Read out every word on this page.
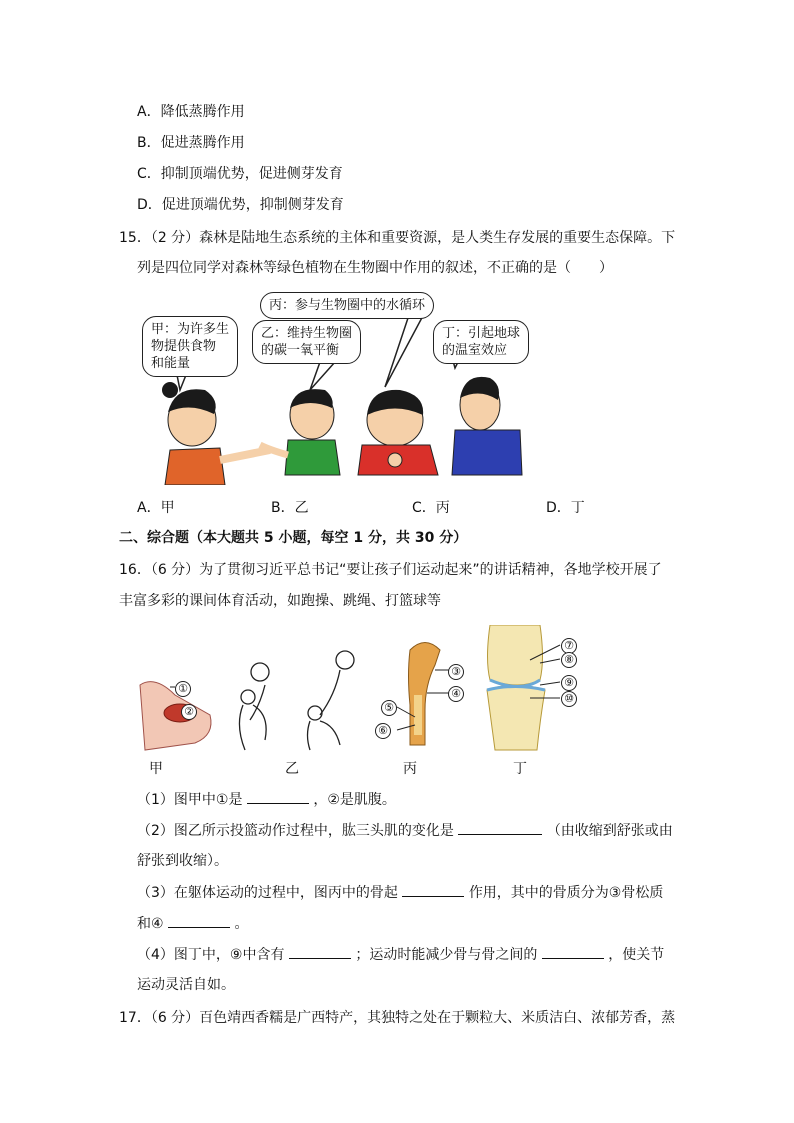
A．降低蒸腾作用
B．促进蒸腾作用
C．抑制顶端优势，促进侧芽发育
D．促进顶端优势，抑制侧芽发育
15．（2 分）森林是陆地生态系统的主体和重要资源，是人类生存发展的重要生态保障。下
列是四位同学对森林等绿色植物在生物圈中作用的叙述，不正确的是（　　）
甲：为许多生
物提供食物
和能量
乙：维持生物圈
的碳一氧平衡
丙：参与生物圈中的水循环
丁：引起地球
的温室效应
A．甲	B．乙	C．丙	D．丁
二、综合题（本大题共 5 小题，每空 1 分，共 30 分）
16．（6 分）为了贯彻习近平总书记“要让孩子们运动起来”的讲话精神，各地学校开展了
丰富多彩的课间体育活动，如跑操、跳绳、打篮球等
①
②
③
④
⑤
⑥
⑦
⑧
⑨
⑩
甲	乙	丙	丁
（1）图甲中①是	，②是肌腹。
（2）图乙所示投篮动作过程中，肱三头肌的变化是	（由收缩到舒张或由
舒张到收缩）。
（3）在躯体运动的过程中，图丙中的骨起	作用，其中的骨质分为③骨松质
和④	。
（4）图丁中，⑨中含有	；运动时能减少骨与骨之间的	，使关节
运动灵活自如。
17．（6 分）百色靖西香糯是广西特产，其独特之处在于颗粒大、米质洁白、浓郁芳香，蒸
